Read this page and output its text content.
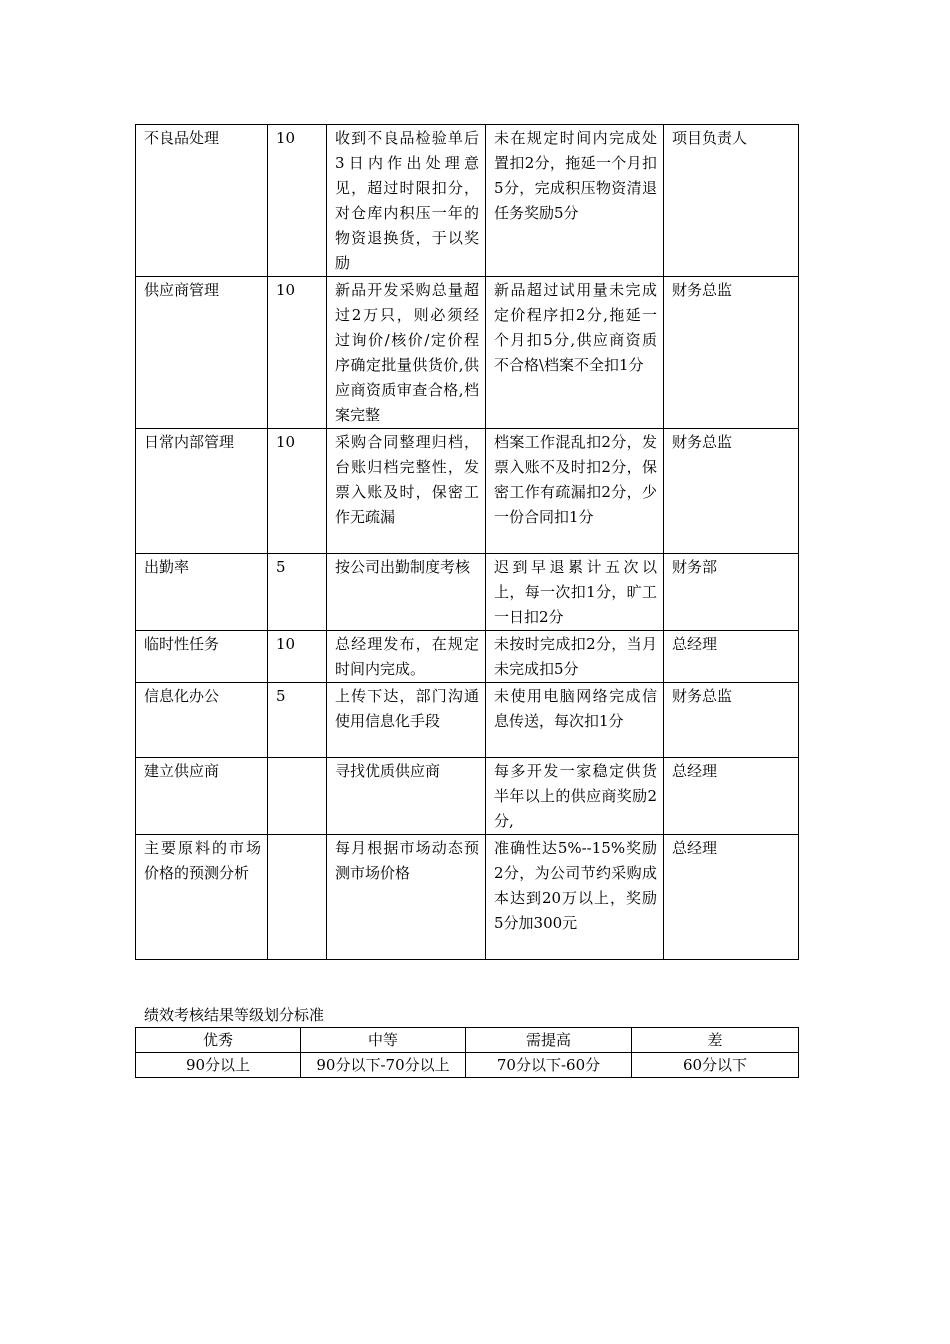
不良品处理	10	收到不良品检验单后3日内作出处理意见，超过时限扣分，对仓库内积压一年的物资退换货，于以奖励	未在规定时间内完成处置扣2分，拖延一个月扣5分，完成积压物资清退任务奖励5分	项目负责人
供应商管理	10	新品开发采购总量超过2万只，则必须经过询价/核价/定价程序确定批量供货价,供应商资质审查合格,档案完整	新品超过试用量未完成定价程序扣2分,拖延一个月扣5分,供应商资质不合格\档案不全扣1分	财务总监
日常内部管理	10	采购合同整理归档，台账归档完整性，发票入账及时，保密工作无疏漏	档案工作混乱扣2分，发票入账不及时扣2分，保密工作有疏漏扣2分，少一份合同扣1分	财务总监
出勤率	5	按公司出勤制度考核	迟到早退累计五次以上，每一次扣1分，旷工一日扣2分	财务部
临时性任务	10	总经理发布，在规定时间内完成。	未按时完成扣2分，当月未完成扣5分	总经理
信息化办公	5	上传下达，部门沟通使用信息化手段	未使用电脑网络完成信息传送，每次扣1分	财务总监
建立供应商		寻找优质供应商	每多开发一家稳定供货半年以上的供应商奖励2分,	总经理
主要原料的市场价格的预测分析		每月根据市场动态预测市场价格	准确性达5%--15%奖励2分，为公司节约采购成本达到20万以上，奖励5分加300元	总经理
绩效考核结果等级划分标准
优秀	中等	需提高	差
90分以上	90分以下-70分以上	70分以下-60分	60分以下
